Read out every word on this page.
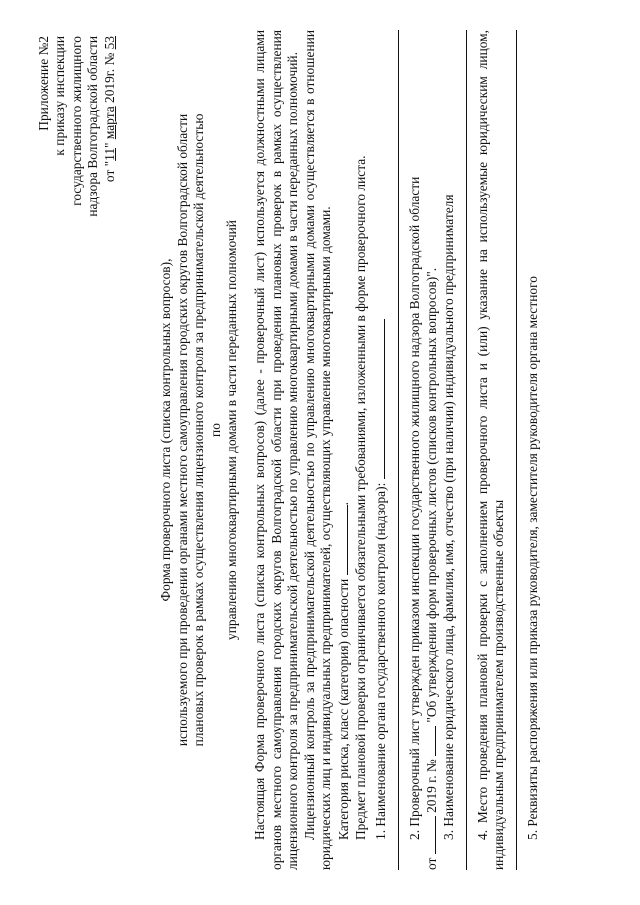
Приложение №2 к приказу инспекции государственного жилищного надзора Волгоградской области от "11" марта 2019г. № 53
Форма проверочного листа (списка контрольных вопросов), используемого при проведении органами местного самоуправления городских округов Волгоградской области плановых проверок в рамках осуществления лицензионного контроля за предпринимательской деятельностью по управлению многоквартирными домами в части переданных полномочий Настоящая Форма проверочного листа (списка контрольных вопросов) (далее - проверочный лист) используется должностными лицами органов местного самоуправления городских округов Волгоградской области при проведении плановых проверок в рамках осуществления лицензионного контроля за предпринимательской деятельностью по управлению многоквартирными домами в части переданных полномочий. Лицензионный контроль за предпринимательской деятельностью по управлению многоквартирными домами осуществляется в отношении юридических лиц и индивидуальных предпринимателей, осуществляющих управление многоквартирными домами. Категория риска, класс (категория) опасности . Предмет плановой проверки ограничивается обязательными требованиями, изложенными в форме проверочного листа. 1. Наименование органа государственного контроля (надзора): 2. Проверочный лист утвержден приказом инспекции государственного жилищного надзора Волгоградской области
от  2019 г. №  "Об утверждении форм проверочных листов (списков контрольных вопросов)". 3. Наименование юридического лица, фамилия, имя, отчество (при наличии) индивидуального предпринимателя 4. Место проведения плановой проверки с заполнением проверочного листа и (или) указание на используемые юридическим лицом, индивидуальным предпринимателем производственные объекты 5. Реквизиты распоряжения или приказа руководителя, заместителя руководителя органа местного
